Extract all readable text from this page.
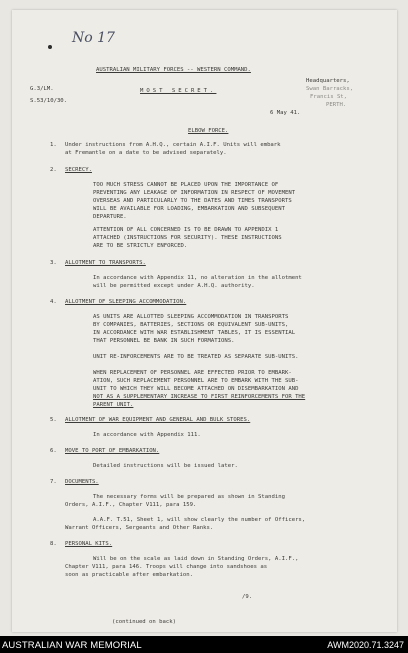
No 17
AUSTRALIAN MILITARY FORCES -- WESTERN COMMAND.
G.3/LM.
S.53/10/30.
MOST SECRET.
Headquarters,
Swan Barracks,
Francis St,
PERTH.
6 May 41.
ELBOW FORCE.
1. Under instructions from A.H.Q., certain A.I.F. Units will embark
at Fremantle on a date to be advised separately.
2. SECRECY.
TOO MUCH STRESS CANNOT BE PLACED UPON THE IMPORTANCE OF
PREVENTING ANY LEAKAGE OF INFORMATION IN RESPECT OF MOVEMENT
OVERSEAS AND PARTICULARLY TO THE DATES AND TIMES TRANSPORTS
WILL BE AVAILABLE FOR LOADING, EMBARKATION AND SUBSEQUENT
DEPARTURE.
ATTENTION OF ALL CONCERNED IS TO BE DRAWN TO APPENDIX 1
ATTACHED (INSTRUCTIONS FOR SECURITY). THESE INSTRUCTIONS
ARE TO BE STRICTLY ENFORCED.
3. ALLOTMENT TO TRANSPORTS.
In accordance with Appendix 11, no alteration in the allotment
will be permitted except under A.H.Q. authority.
4. ALLOTMENT OF SLEEPING ACCOMMODATION.
AS UNITS ARE ALLOTTED SLEEPING ACCOMMODATION IN TRANSPORTS
BY COMPANIES, BATTERIES, SECTIONS OR EQUIVALENT SUB-UNITS,
IN ACCORDANCE WITH WAR ESTABLISHMENT TABLES, IT IS ESSENTIAL
THAT PERSONNEL BE BANK IN SUCH FORMATIONS.
UNIT RE-INFORCEMENTS ARE TO BE TREATED AS SEPARATE SUB-UNITS.
WHEN REPLACEMENT OF PERSONNEL ARE EFFECTED PRIOR TO EMBARK-
ATION, SUCH REPLACEMENT PERSONNEL ARE TO EMBARK WITH THE SUB-
UNIT TO WHICH THEY WILL BECOME ATTACHED ON DISEMBARKATION AND
NOT AS A SUPPLEMENTARY INCREASE TO FIRST REINFORCEMENTS FOR THE
PARENT UNIT.
5. ALLOTMENT OF WAR EQUIPMENT AND GENERAL AND BULK STORES.
In accordance with Appendix 111.
6. MOVE TO PORT OF EMBARKATION.
Detailed instructions will be issued later.
7. DOCUMENTS.
The necessary forms will be prepared as shown in Standing
Orders, A.I.F., Chapter V111, para 159.
A.A.F. T.51, Sheet 1, will show clearly the number of Officers,
Warrant Officers, Sergeants and Other Ranks.
8. PERSONAL KITS.
Will be on the scale as laid down in Standing Orders, A.I.F.,
Chapter V111, para 146. Troops will change into sandshoes as
soon as practicable after embarkation.
/9.
(continued on back)
AUSTRALIAN WAR MEMORIAL	AWM2020.71.3247
